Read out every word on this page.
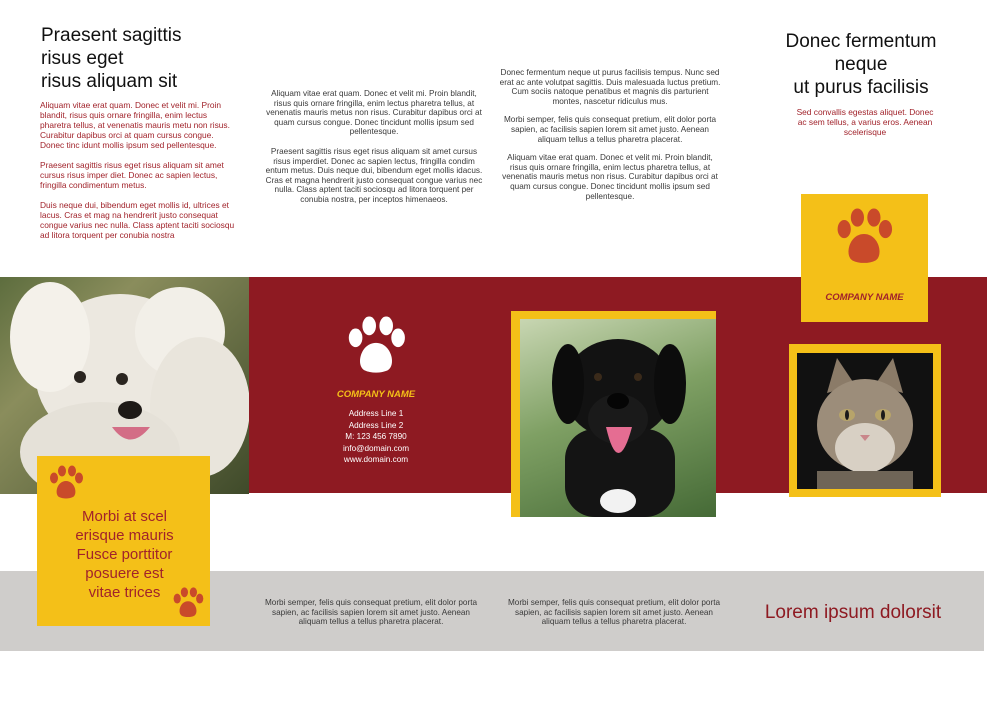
Praesent sagittis
risus eget
risus aliquam sit

Aliquam vitae erat quam. Donec et velit mi. Proin blandit, risus quis ornare fringilla, enim lectus pharetra tellus, at venenatis mauris metu non risus. Curabitur dapibus orci at quam cursus congue. Donec tinc idunt mollis ipsum sed pellentesque.

Praesent sagittis risus eget risus aliquam sit amet cursus risus imper diet. Donec ac sapien lectus, fringilla condimentum metus.

Duis neque dui, bibendum eget mollis id, ultrices et lacus. Cras et mag na hendrerit justo consequat congue varius nec nulla. Class aptent taciti sociosqu ad litora torquent per conubia nostra

Morbi at scel
erisque mauris
Fusce porttitor
posuere est
vitae trices

Aliquam vitae erat quam. Donec et velit mi. Proin blandit, risus quis ornare fringilla, enim lectus pharetra tellus, at venenatis mauris metus non risus. Curabitur dapibus orci at quam cursus congue. Donec tincidunt mollis ipsum sed pellentesque.

Praesent sagittis risus eget risus aliquam sit amet cursus risus imperdiet. Donec ac sapien lectus, fringilla condim entum metus. Duis neque dui, bibendum eget mollis idacus. Cras et magna hendrerit justo consequat congue varius nec nulla. Class aptent taciti sociosqu ad litora torquent per conubia nostra, per inceptos himenaeos.

COMPANY NAME
Address Line 1
Address Line 2
M: 123 456 7890
info@domain.com
www.domain.com
Morbi semper, felis quis consequat pretium, elit dolor porta sapien, ac facilisis sapien lorem sit amet justo. Aenean aliquam tellus a tellus pharetra placerat.

Donec fermentum neque ut purus facilisis tempus. Nunc sed erat ac ante volutpat sagittis. Duis malesuada luctus pretium. Cum sociis natoque penatibus et magnis dis parturient montes, nascetur ridiculus mus.

Morbi semper, felis quis consequat pretium, elit dolor porta sapien, ac facilisis sapien lorem sit amet justo. Aenean aliquam tellus a tellus pharetra placerat.

Aliquam vitae erat quam. Donec et velit mi. Proin blandit, risus quis ornare fringilla, enim lectus pharetra tellus, at venenatis mauris metus non risus. Curabitur dapibus orci at quam cursus congue. Donec tincidunt mollis ipsum sed pellentesque.

Morbi semper, felis quis consequat pretium, elit dolor porta sapien, ac facilisis sapien lorem sit amet justo. Aenean aliquam tellus a tellus pharetra placerat.
Donec fermentum
neque
ut purus facilisis
Sed convallis egestas aliquet. Donec ac sem tellus, a varius eros. Aenean scelerisque
COMPANY NAME
Lorem ipsum dolorsit
